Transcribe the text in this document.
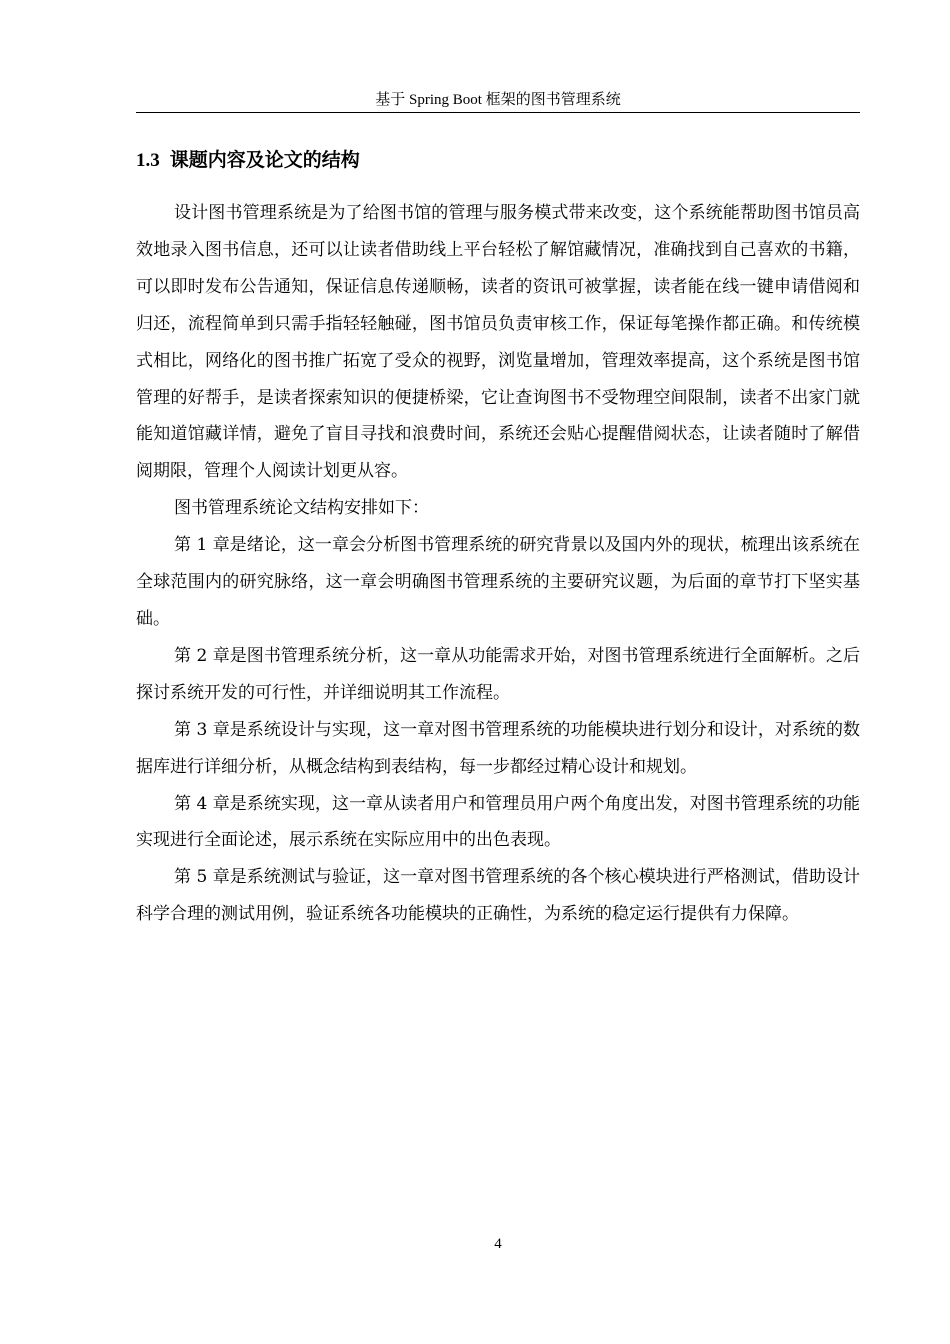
基于 Spring Boot 框架的图书管理系统
1.3 课题内容及论文的结构

设计图书管理系统是为了给图书馆的管理与服务模式带来改变，这个系统能帮助图书馆员高效地录入图书信息，还可以让读者借助线上平台轻松了解馆藏情况，准确找到自己喜欢的书籍，可以即时发布公告通知，保证信息传递顺畅，读者的资讯可被掌握，读者能在线一键申请借阅和归还，流程简单到只需手指轻轻触碰，图书馆员负责审核工作，保证每笔操作都正确。和传统模式相比，网络化的图书推广拓宽了受众的视野，浏览量增加，管理效率提高，这个系统是图书馆管理的好帮手，是读者探索知识的便捷桥梁，它让查询图书不受物理空间限制，读者不出家门就能知道馆藏详情，避免了盲目寻找和浪费时间，系统还会贴心提醒借阅状态，让读者随时了解借阅期限，管理个人阅读计划更从容。

图书管理系统论文结构安排如下：

第 1 章是绪论，这一章会分析图书管理系统的研究背景以及国内外的现状，梳理出该系统在全球范围内的研究脉络，这一章会明确图书管理系统的主要研究议题，为后面的章节打下坚实基础。

第 2 章是图书管理系统分析，这一章从功能需求开始，对图书管理系统进行全面解析。之后探讨系统开发的可行性，并详细说明其工作流程。

第 3 章是系统设计与实现，这一章对图书管理系统的功能模块进行划分和设计，对系统的数据库进行详细分析，从概念结构到表结构，每一步都经过精心设计和规划。

第 4 章是系统实现，这一章从读者用户和管理员用户两个角度出发，对图书管理系统的功能实现进行全面论述，展示系统在实际应用中的出色表现。

第 5 章是系统测试与验证，这一章对图书管理系统的各个核心模块进行严格测试，借助设计科学合理的测试用例，验证系统各功能模块的正确性，为系统的稳定运行提供有力保障。

4
